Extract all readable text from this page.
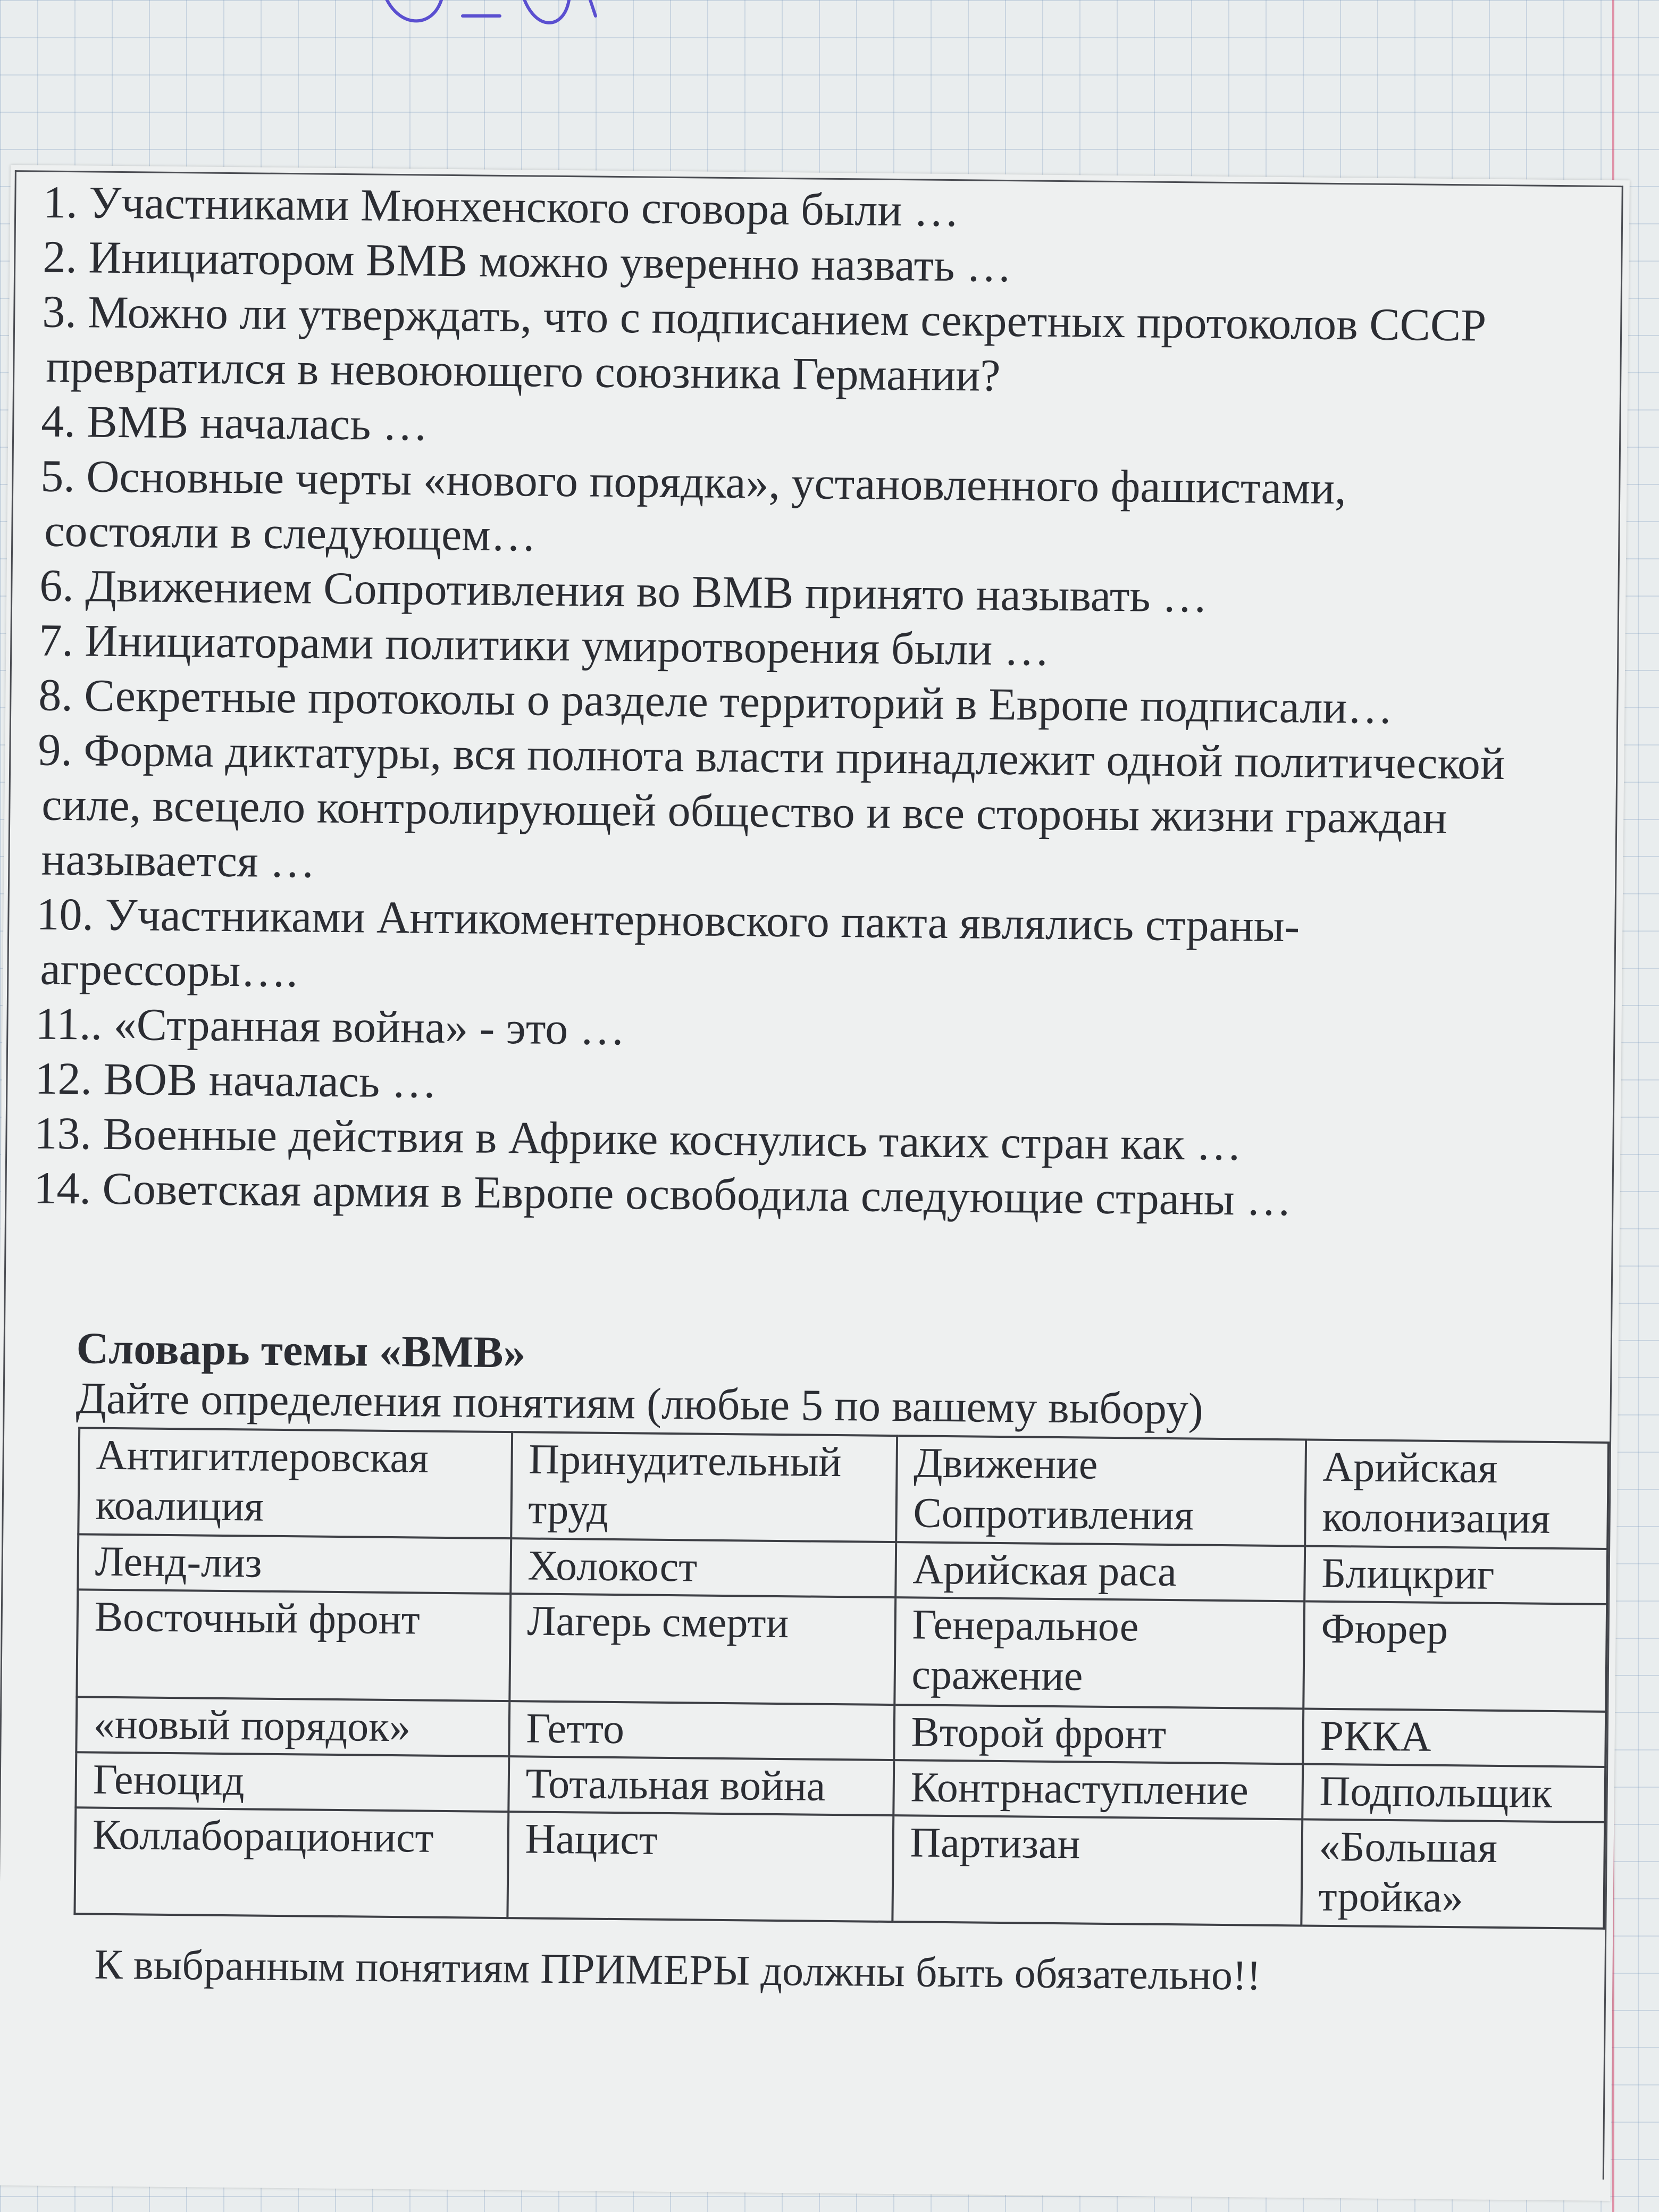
1. Участниками Мюнхенского сговора были …

2. Инициатором ВМВ можно уверенно назвать …

3. Можно ли утверждать, что с подписанием секретных протоколов СССР

превратился в невоюющего союзника Германии?

4. ВМВ началась …

5. Основные черты «нового порядка», установленного фашистами,

состояли в следующем…

6. Движением Сопротивления во ВМВ принято называть …

7. Инициаторами политики умиротворения были …

8. Секретные протоколы о разделе территорий в Европе подписали…

9. Форма диктатуры, вся полнота власти принадлежит одной политической

силе, всецело контролирующей общество и все стороны жизни граждан

называется …

10. Участниками Антикоментерновского пакта являлись страны-

агрессоры….

11.. «Странная война» - это …

12. ВОВ началась …

13. Военные действия в Африке коснулись таких стран как …

14. Советская армия в Европе освободила следующие страны …

Словарь темы «ВМВ»
Дайте определения понятиям (любые 5 по вашему выбору)
Антигитлеровская коалиция	Принудительный труд	Движение Сопротивления	Арийская колонизация
Ленд-лиз	Холокост	Арийская раса	Блицкриг
Восточный фронт	Лагерь смерти	Генеральное сражение	Фюрер
«новый порядок»	Гетто	Второй фронт	РККА
Геноцид	Тотальная война	Контрнаступление	Подпольщик
Коллаборационист	Нацист	Партизан	«Большая тройка»
К выбранным понятиям ПРИМЕРЫ должны быть обязательно!!
